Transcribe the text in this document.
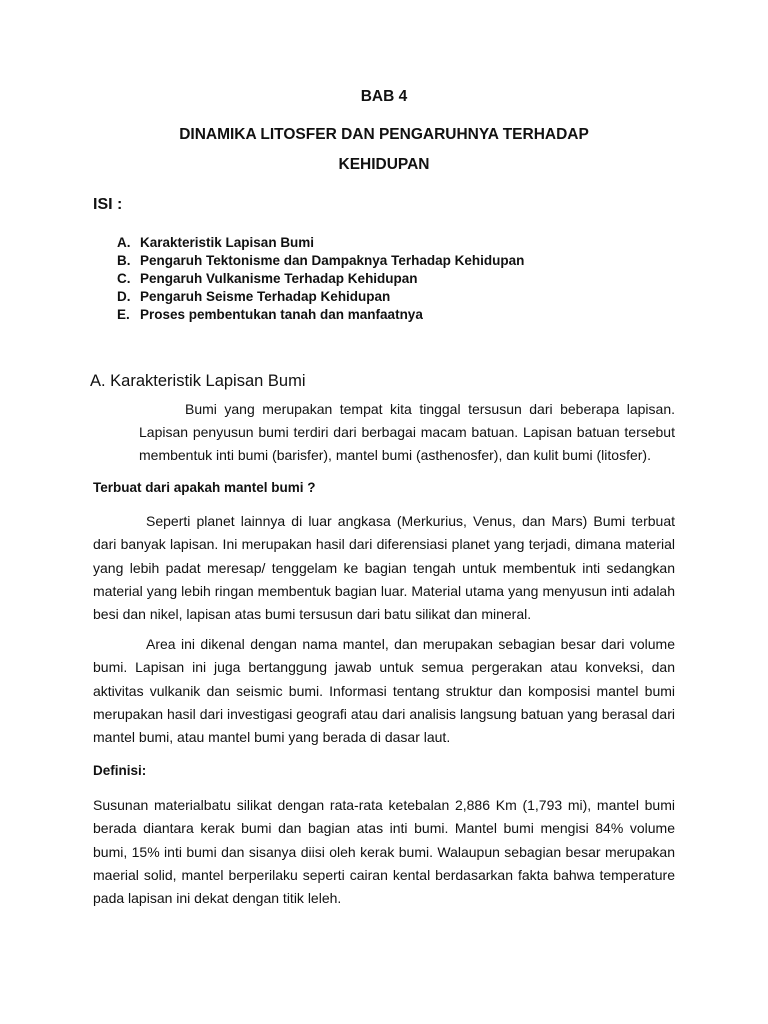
BAB 4
DINAMIKA LITOSFER DAN PENGARUHNYA TERHADAP
KEHIDUPAN
ISI :
A. Karakteristik Lapisan Bumi
B. Pengaruh Tektonisme dan Dampaknya Terhadap Kehidupan
C. Pengaruh Vulkanisme Terhadap Kehidupan
D. Pengaruh Seisme Terhadap Kehidupan
E. Proses pembentukan tanah dan manfaatnya
A. Karakteristik Lapisan Bumi

Bumi yang merupakan tempat kita tinggal tersusun dari beberapa lapisan. Lapisan penyusun bumi terdiri dari berbagai macam batuan. Lapisan batuan tersebut membentuk inti bumi (barisfer), mantel bumi (asthenosfer), dan kulit bumi (litosfer).

Terbuat dari apakah mantel bumi ?

Seperti planet lainnya di luar angkasa (Merkurius, Venus, dan Mars) Bumi terbuat dari banyak lapisan. Ini merupakan hasil dari diferensiasi planet yang terjadi, dimana material yang lebih padat meresap/ tenggelam ke bagian tengah untuk membentuk inti sedangkan material yang lebih ringan membentuk bagian luar. Material utama yang menyusun inti adalah besi dan nikel, lapisan atas bumi tersusun dari batu silikat dan mineral.

Area ini dikenal dengan nama mantel, dan merupakan sebagian besar dari volume bumi. Lapisan ini juga bertanggung jawab untuk semua pergerakan atau konveksi, dan aktivitas vulkanik dan seismic bumi. Informasi tentang struktur dan komposisi mantel bumi merupakan hasil dari investigasi geografi atau dari analisis langsung batuan yang berasal dari mantel bumi, atau mantel bumi yang berada di dasar laut.

Definisi:

Susunan materialbatu silikat dengan rata-rata ketebalan 2,886 Km (1,793 mi), mantel bumi berada diantara kerak bumi dan bagian atas inti bumi. Mantel bumi mengisi 84% volume bumi, 15% inti bumi dan sisanya diisi oleh kerak bumi. Walaupun sebagian besar merupakan maerial solid, mantel berperilaku seperti cairan kental berdasarkan fakta bahwa temperature pada lapisan ini dekat dengan titik leleh.
